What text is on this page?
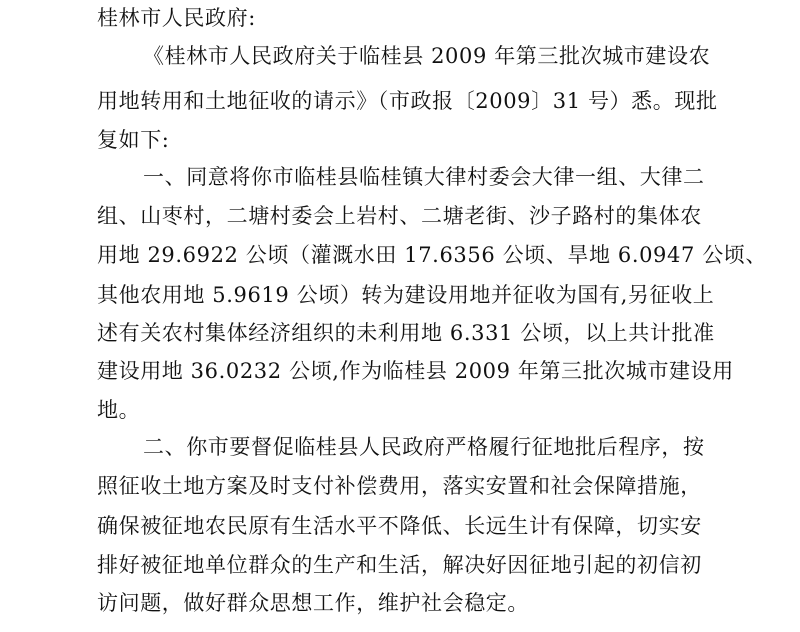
桂林市人民政府:
《桂林市人民政府关于临桂县 2009 年第三批次城市建设农
用地转用和土地征收的请示》（市政报〔2009〕31 号）悉。现批
复如下:
一、同意将你市临桂县临桂镇大律村委会大律一组、大律二
组、山枣村，二塘村委会上岩村、二塘老街、沙子路村的集体农
用地 29.6922 公顷（灌溉水田 17.6356 公顷、旱地 6.0947 公顷、
其他农用地 5.9619 公顷）转为建设用地并征收为国有,另征收上
述有关农村集体经济组织的未利用地 6.331 公顷，以上共计批准
建设用地 36.0232 公顷,作为临桂县 2009 年第三批次城市建设用
地。
二、你市要督促临桂县人民政府严格履行征地批后程序，按
照征收土地方案及时支付补偿费用，落实安置和社会保障措施，
确保被征地农民原有生活水平不降低、长远生计有保障，切实安
排好被征地单位群众的生产和生活，解决好因征地引起的初信初
访问题，做好群众思想工作，维护社会稳定。
